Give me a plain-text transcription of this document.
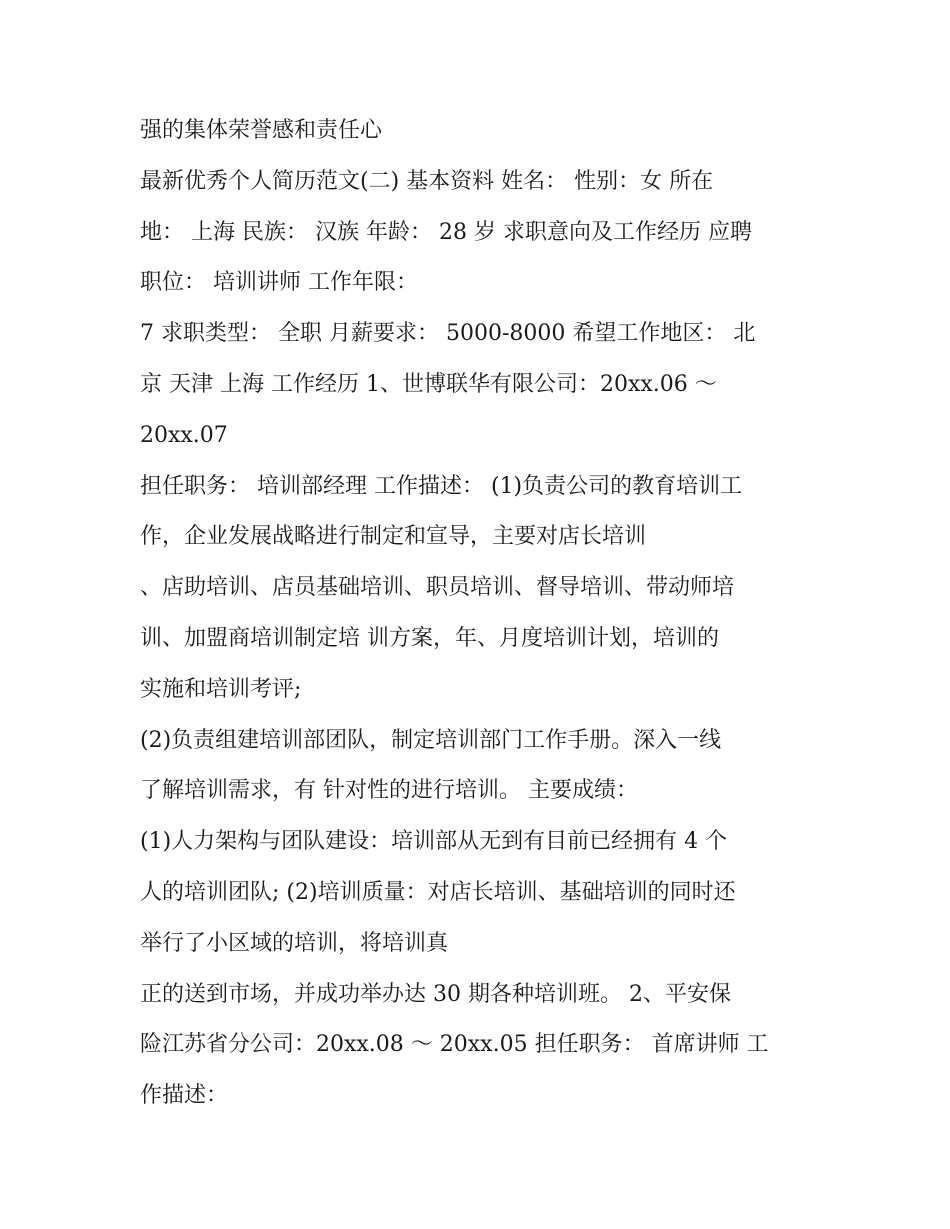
强的集体荣誉感和责任心
最新优秀个人简历范文(二) 基本资料 姓名： 性别：女 所在
地： 上海 民族： 汉族 年龄： 28 岁 求职意向及工作经历 应聘
职位： 培训讲师 工作年限：
7 求职类型： 全职 月薪要求： 5000-8000 希望工作地区： 北
京 天津 上海 工作经历 1、世博联华有限公司：20xx.06 ～
20xx.07
担任职务： 培训部经理 工作描述： (1)负责公司的教育培训工
作，企业发展战略进行制定和宣导，主要对店长培训
、店助培训、店员基础培训、职员培训、督导培训、带动师培
训、加盟商培训制定培 训方案，年、月度培训计划，培训的
实施和培训考评;
(2)负责组建培训部团队，制定培训部门工作手册。深入一线
了解培训需求，有 针对性的进行培训。 主要成绩：
(1)人力架构与团队建设：培训部从无到有目前已经拥有 4 个
人的培训团队; (2)培训质量：对店长培训、基础培训的同时还
举行了小区域的培训，将培训真
正的送到市场，并成功举办达 30 期各种培训班。 2、平安保
险江苏省分公司：20xx.08 ～ 20xx.05 担任职务： 首席讲师 工
作描述：
